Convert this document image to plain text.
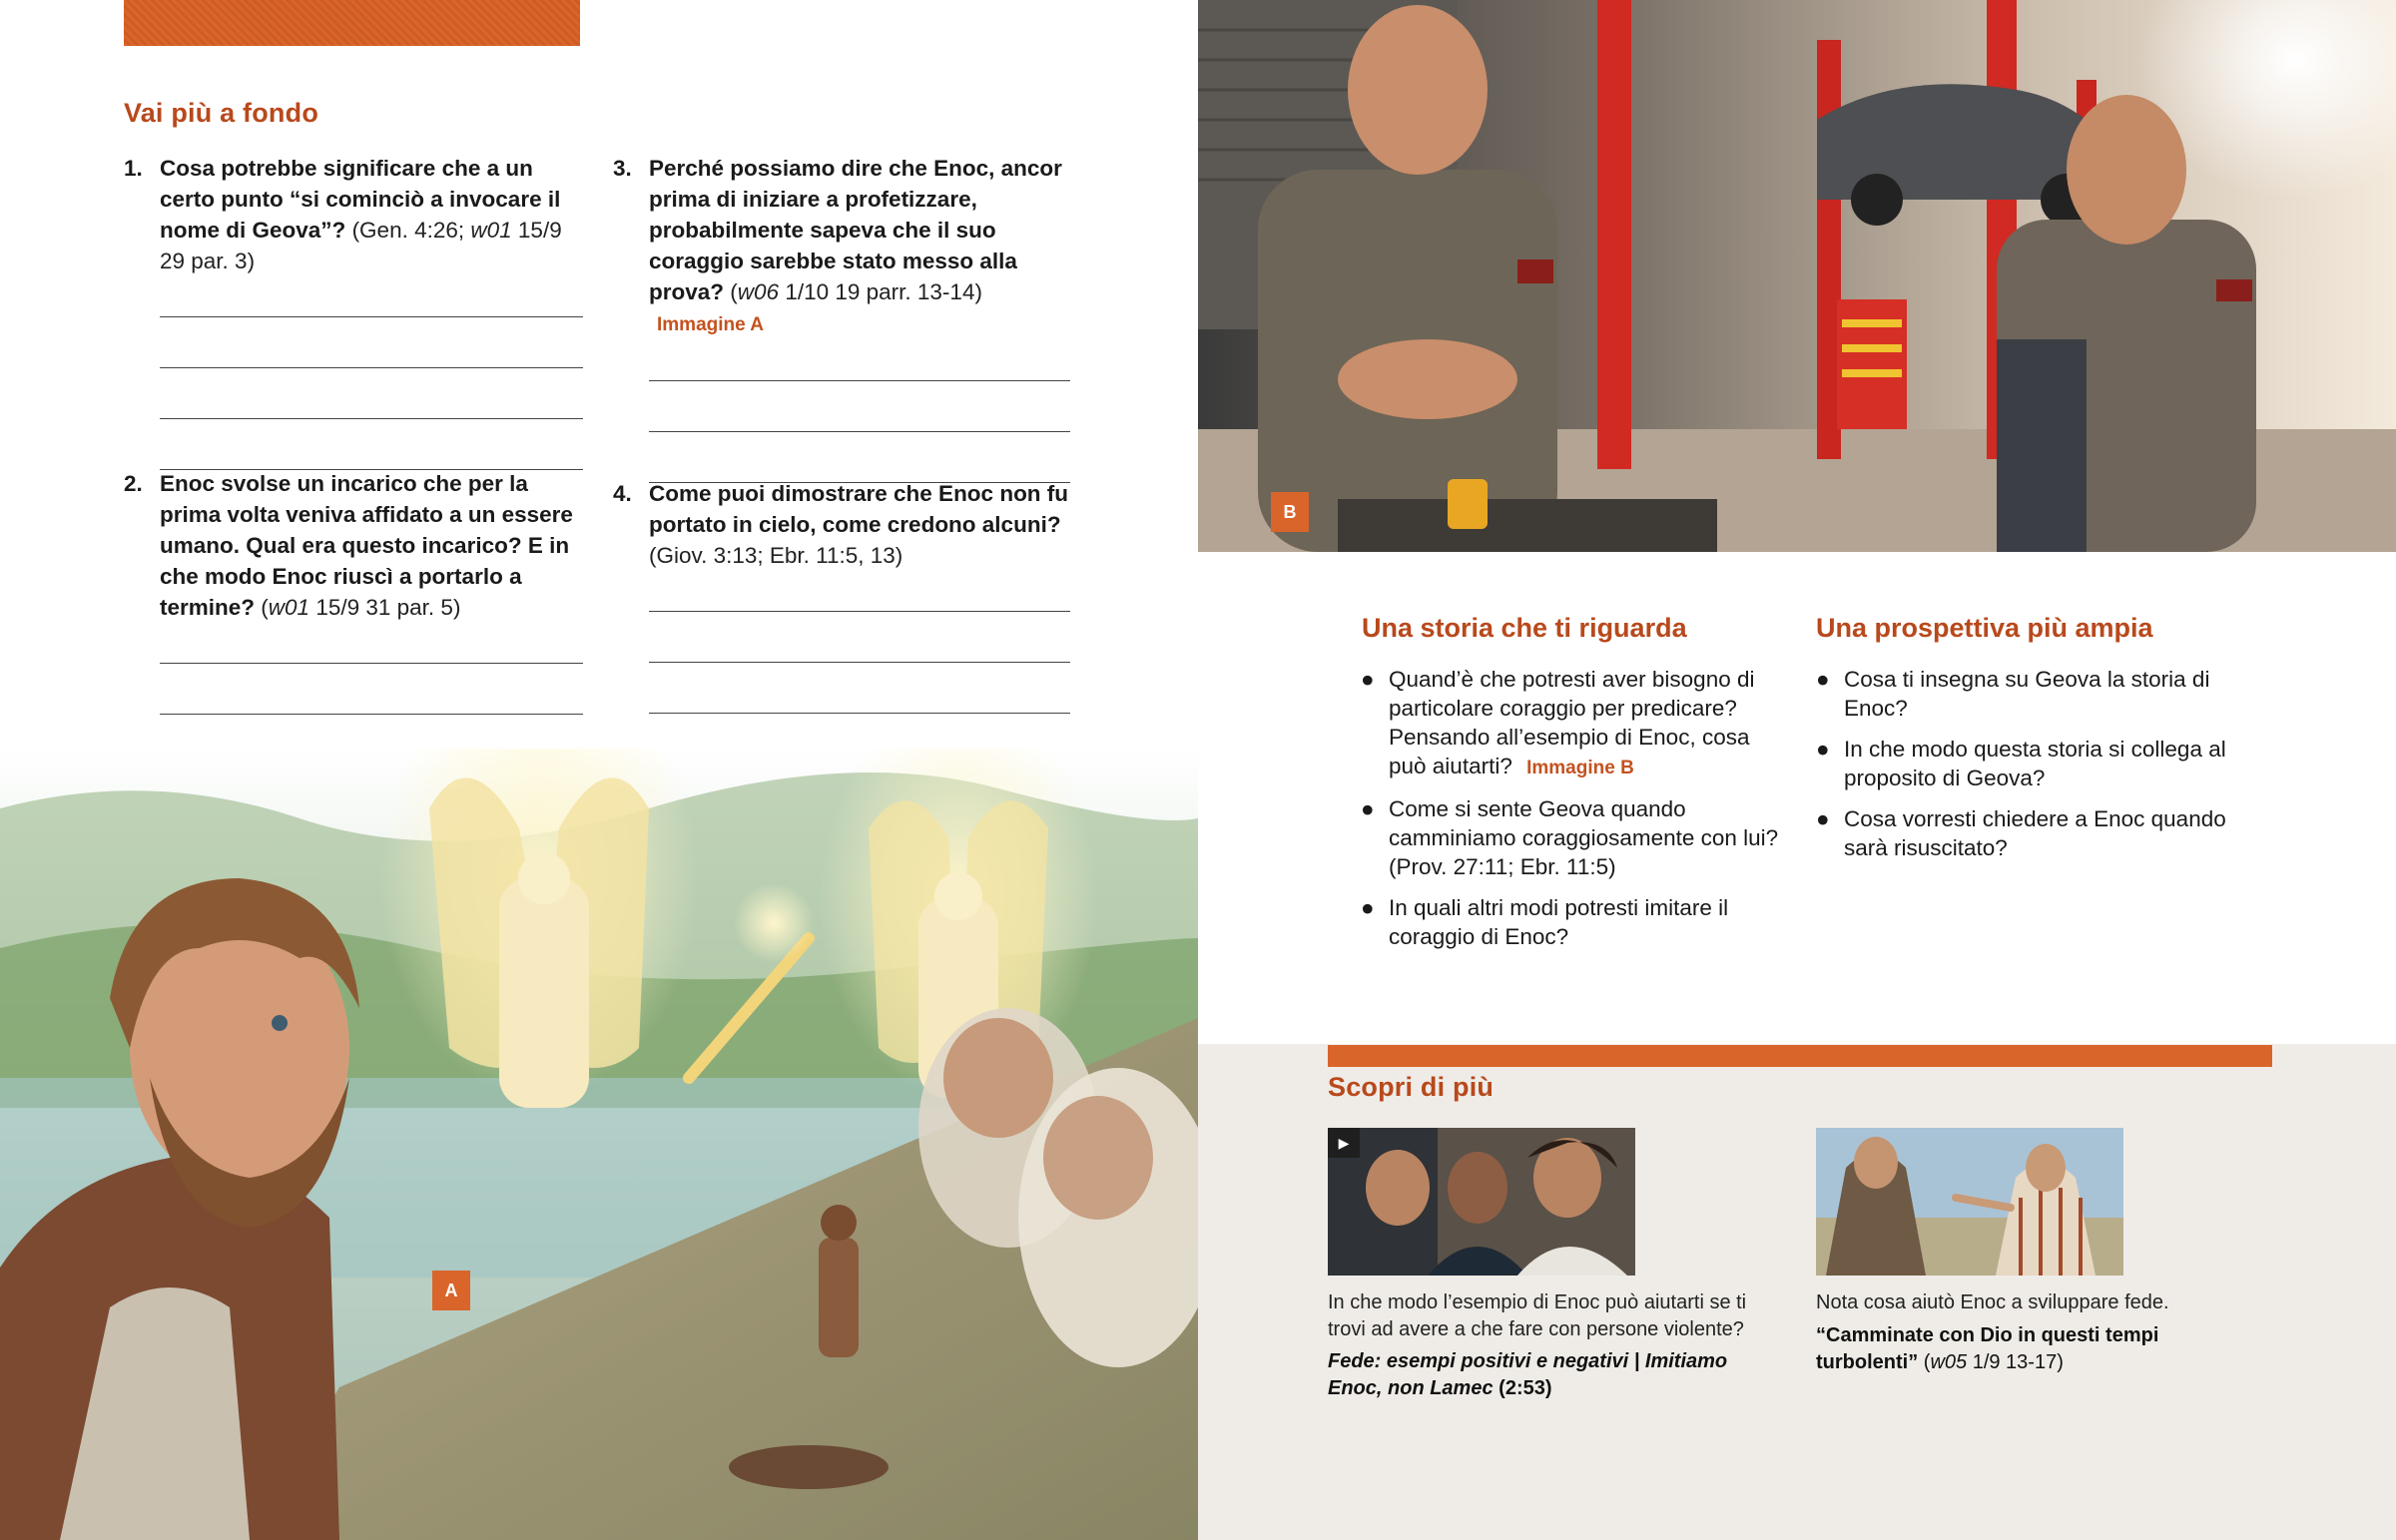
Vai più a fondo
1. Cosa potrebbe significare che a un certo punto “si cominciò a invocare il nome di Geova”? (Gen. 4:26; w01 15/9 29 par. 3)
2. Enoc svolse un incarico che per la prima volta veniva affidato a un essere umano. Qual era questo incarico? E in che modo Enoc riuscì a portarlo a termine? (w01 15/9 31 par. 5)
3. Perché possiamo dire che Enoc, ancor prima di iniziare a profetizzare, probabilmente sapeva che il suo coraggio sarebbe stato messo alla prova? (w06 1/10 19 parr. 13-14) Immagine A
4. Come puoi dimostrare che Enoc non fu portato in cielo, come credono alcuni?
(Giov. 3:13; Ebr. 11:5, 13)
A
B
Una storia che ti riguarda
● Quand’è che potresti aver bisogno di particolare coraggio per predicare? Pensando all’esempio di Enoc, cosa può aiutarti? Immagine B
● Come si sente Geova quando camminiamo coraggiosamente con lui? (Prov. 27:11; Ebr. 11:5)
● In quali altri modi potresti imitare il coraggio di Enoc?
Una prospettiva più ampia
● Cosa ti insegna su Geova la storia di Enoc?
● In che modo questa storia si collega al proposito di Geova?
● Cosa vorresti chiedere a Enoc quando sarà risuscitato?
Scopri di più
▶
In che modo l’esempio di Enoc può aiutarti se ti trovi ad avere a che fare con persone violente?
Fede: esempi positivi e negativi | Imitiamo Enoc, non Lamec (2:53)
Nota cosa aiutò Enoc a sviluppare fede.
“Camminate con Dio in questi tempi turbolenti” (w05 1/9 13-17)
